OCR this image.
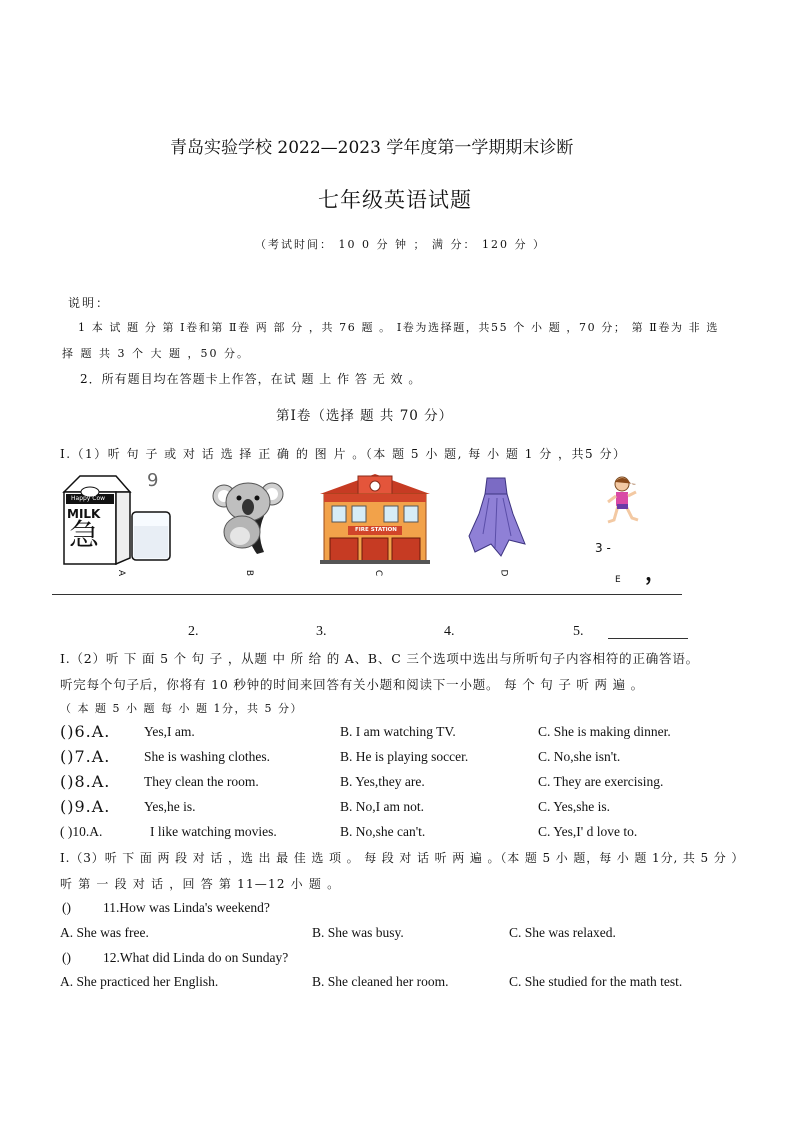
青岛实验学校 2022—2023 学年度第一学期期末诊断
七年级英语试题
（考试时间： 10 0 分 钟 ； 满 分： 120 分 ）
说明：
1 本 试 题 分 第 Ⅰ卷和第 Ⅱ卷 两 部 分 ，共 76 题 。 Ⅰ卷为选择题，共55 个 小 题 ，70 分； 第 Ⅱ卷为 非 选
择 题 共 3 个 大 题 ，50 分。
2．所有题目均在答题卡上作答，在试 题 上 作 答 无 效 。
第Ⅰ卷（选择 题 共 70 分）
Ⅰ.（1）听 句 子 或 对 话 选 择 正 确 的 图 片 。（本 题 5 小 题, 每 小 题 1 分 ，共5 分）
Happy Cow
MILK
急
9
A	B
FIRE STATION
C	D
3 -
E ，
2.	3.	4.	5.
Ⅰ.（2）听 下 面 5 个 句 子 ，从题 中 所 给 的 A、B、C 三个选项中选出与所听句子内容相符的正确答语。
听完每个句子后，你将有 10 秒钟的时间来回答有关小题和阅读下一小题。 每 个 句 子 听 两 遍 。
（ 本 题 5 小 题 每 小 题 1分，共 5 分）
()6.A. Yes,I am.	B. I am watching TV.	C. She is making dinner.
()7.A. She is washing clothes.	B. He is playing soccer.	C. No,she isn't.
()8.A. They clean the room.	B. Yes,they are.	C. They are exercising.
()9.A. Yes,he is.	B. No,I am not.	C. Yes,she is.
( )10.A.	I like watching movies.	B. No,she can't.	C. Yes,I' d love to.
Ⅰ.（3）听 下 面 两 段 对 话 ，选 出 最 佳 选 项 。 每 段 对 话 听 两 遍 。（本 题 5 小 题，每 小 题 1分, 共 5 分 ）
听 第 一 段 对 话 ，回 答 第 11—12 小 题 。
() 11.How was Linda's weekend?
A. She was free.	B. She was busy.	C. She was relaxed.
() 12.What did Linda do on Sunday?
A. She practiced her English.	B. She cleaned her room.	C. She studied for the math test.
